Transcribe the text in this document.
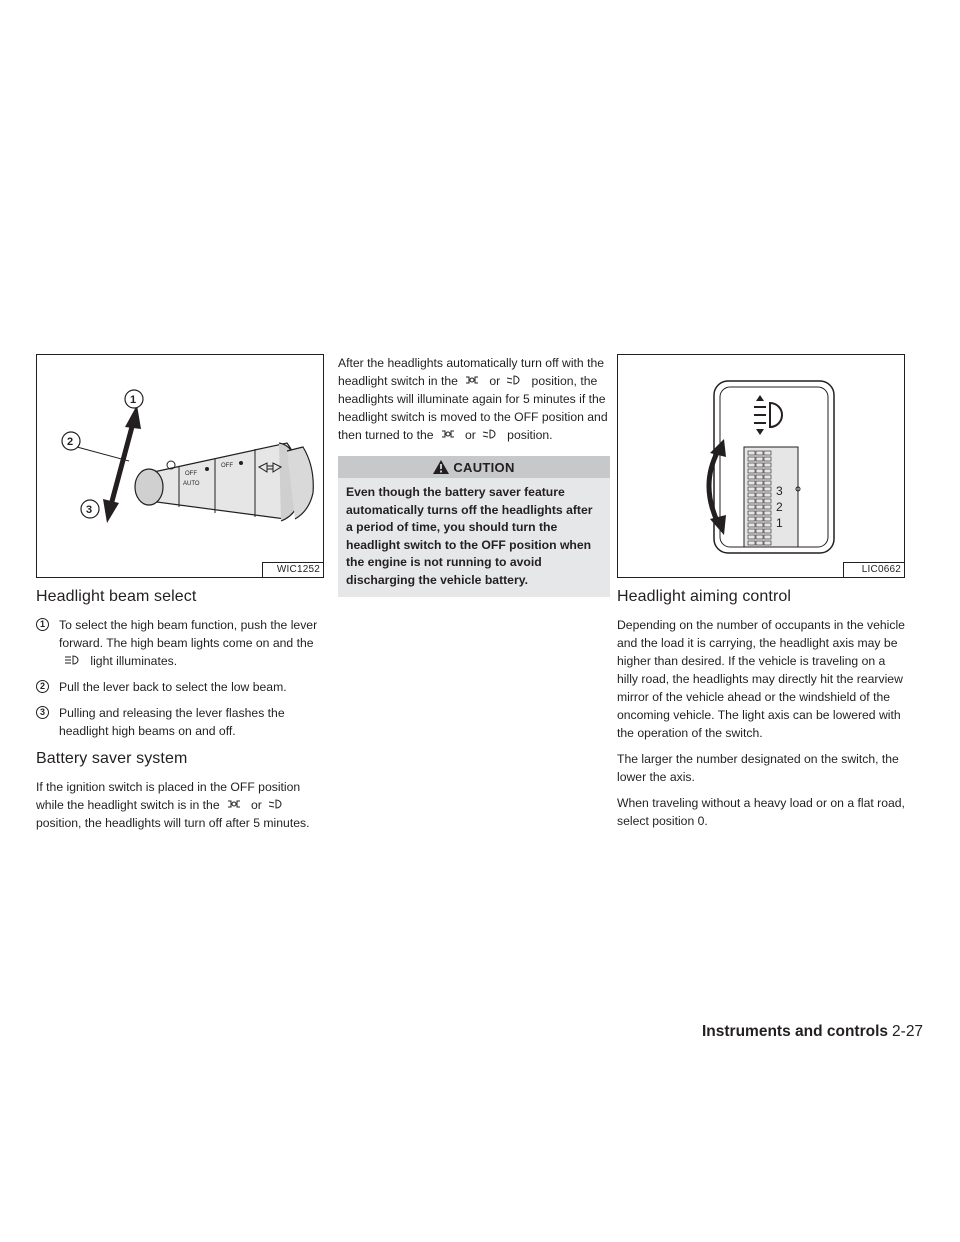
OFF
AUTO
OFF
1
2
3
WIC1252
Headlight beam select
1	To select the high beam function, push the lever forward. The high beam lights come on and the  light illuminates.
2	Pull the lever back to select the low beam.
3	Pulling and releasing the lever flashes the headlight high beams on and off.
Battery saver system

If the ignition switch is placed in the OFF position while the headlight switch is in the	or position, the headlights will turn off after 5 minutes.

After the headlights automatically turn off with the headlight switch in the	or	position, the headlights will illuminate again for 5 minutes if the headlight switch is moved to the OFF position and then turned to the	or	position.

CAUTION
Even though the battery saver feature automatically turns off the headlights after a period of time, you should turn the headlight switch to the OFF position when the engine is not running to avoid discharging the vehicle battery.
3
2
1
LIC0662
Headlight aiming control

Depending on the number of occupants in the vehicle and the load it is carrying, the headlight axis may be higher than desired. If the vehicle is traveling on a hilly road, the headlights may directly hit the rearview mirror of the vehicle ahead or the windshield of the oncoming vehicle. The light axis can be lowered with the operation of the switch.

The larger the number designated on the switch, the lower the axis.

When traveling without a heavy load or on a flat road, select position 0.

Instruments and controls 2-27
